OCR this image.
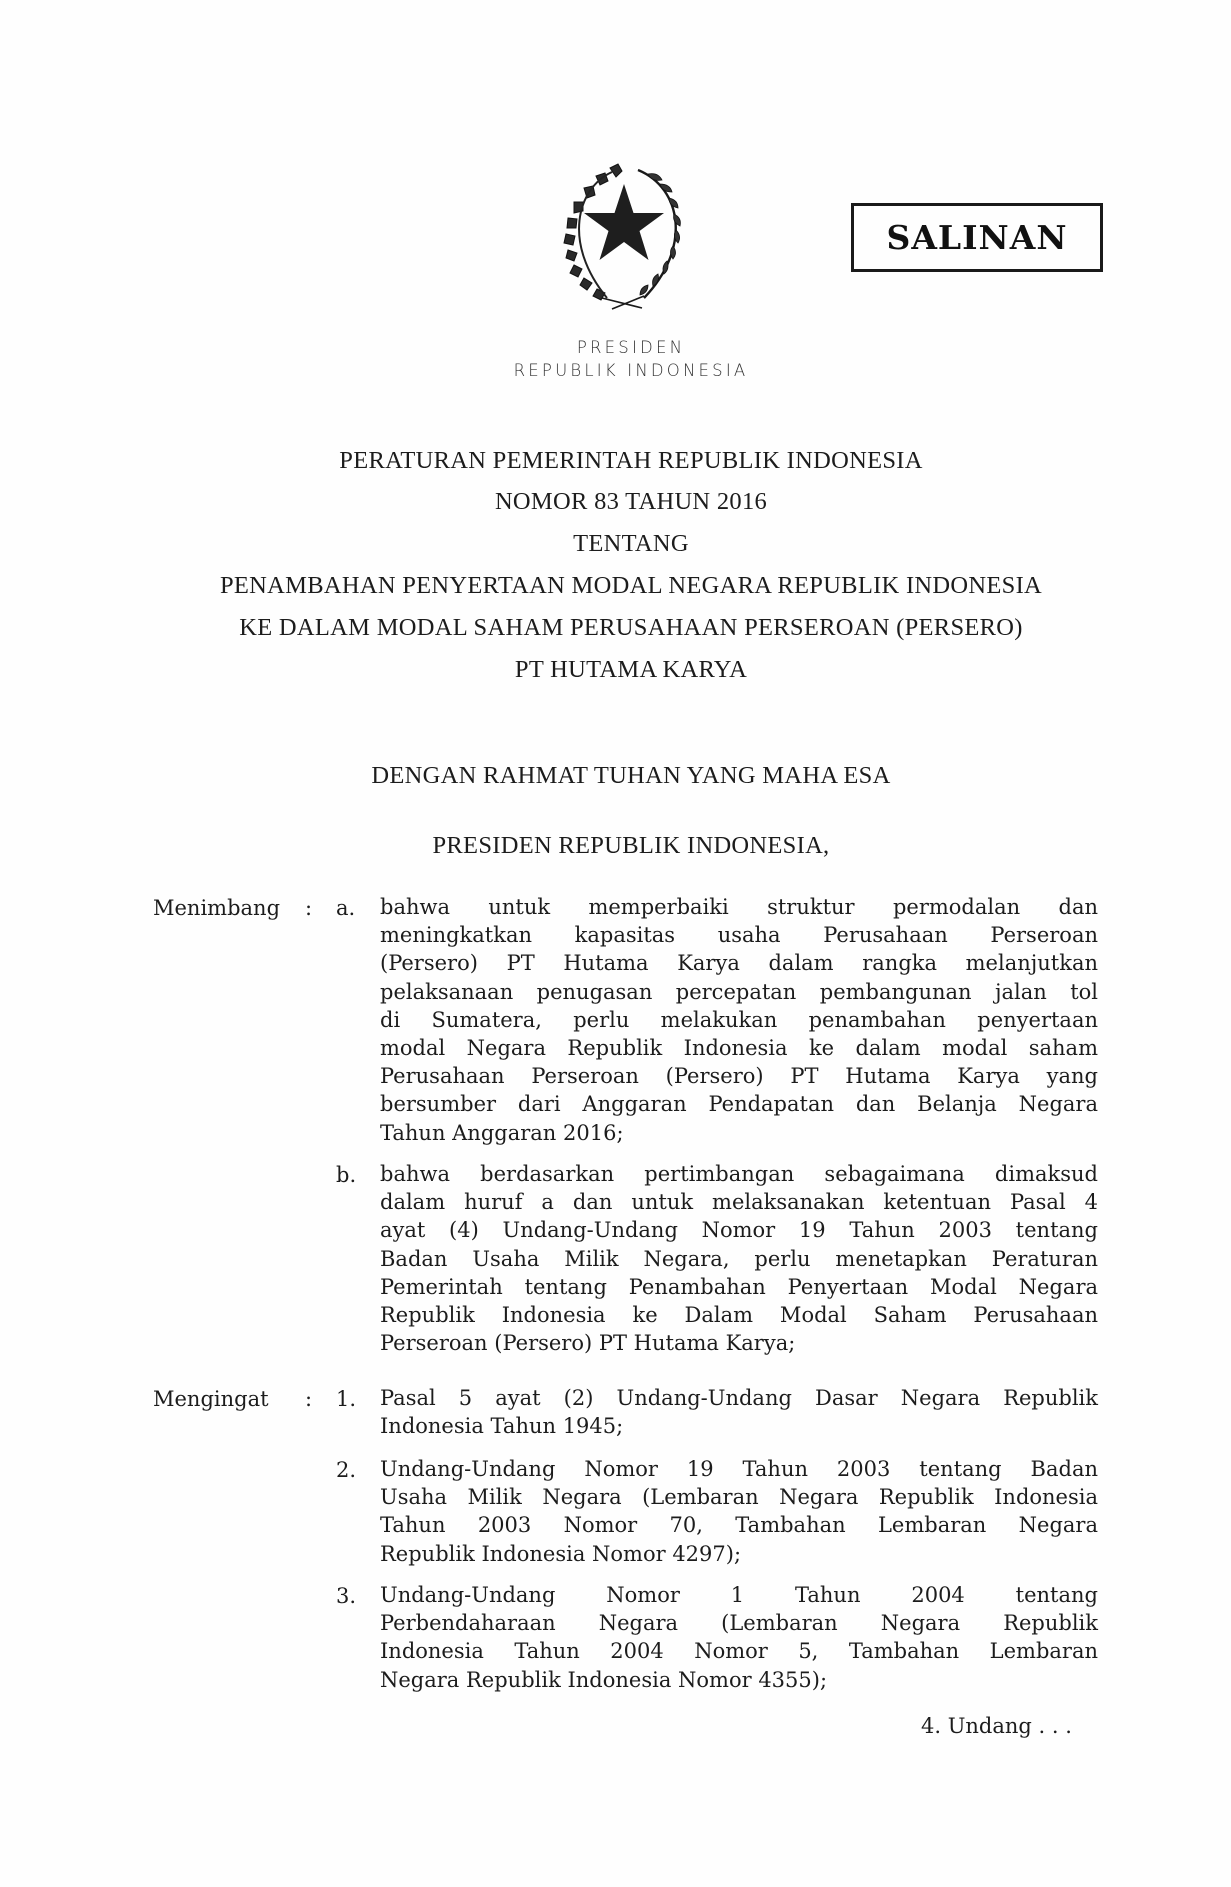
SALINAN
PRESIDEN
REPUBLIK INDONESIA
PERATURAN PEMERINTAH REPUBLIK INDONESIA
NOMOR 83 TAHUN 2016
TENTANG
PENAMBAHAN PENYERTAAN MODAL NEGARA REPUBLIK INDONESIA
KE DALAM MODAL SAHAM PERUSAHAAN PERSEROAN (PERSERO)
PT HUTAMA KARYA
DENGAN RAHMAT TUHAN YANG MAHA ESA
PRESIDEN REPUBLIK INDONESIA,
Menimbang : a. bahwa untuk memperbaiki struktur permodalan dan
meningkatkan kapasitas usaha Perusahaan Perseroan
(Persero) PT Hutama Karya dalam rangka melanjutkan
pelaksanaan penugasan percepatan pembangunan jalan tol
di Sumatera, perlu melakukan penambahan penyertaan
modal Negara Republik Indonesia ke dalam modal saham
Perusahaan Perseroan (Persero) PT Hutama Karya yang
bersumber dari Anggaran Pendapatan dan Belanja Negara
Tahun Anggaran 2016;
b. bahwa berdasarkan pertimbangan sebagaimana dimaksud
dalam huruf a dan untuk melaksanakan ketentuan Pasal 4
ayat (4) Undang-Undang Nomor 19 Tahun 2003 tentang
Badan Usaha Milik Negara, perlu menetapkan Peraturan
Pemerintah tentang Penambahan Penyertaan Modal Negara
Republik Indonesia ke Dalam Modal Saham Perusahaan
Perseroan (Persero) PT Hutama Karya;
Mengingat : 1. Pasal 5 ayat (2) Undang-Undang Dasar Negara Republik
Indonesia Tahun 1945;
2. Undang-Undang Nomor 19 Tahun 2003 tentang Badan
Usaha Milik Negara (Lembaran Negara Republik Indonesia
Tahun 2003 Nomor 70, Tambahan Lembaran Negara
Republik Indonesia Nomor 4297);
3. Undang-Undang Nomor 1 Tahun 2004 tentang
Perbendaharaan Negara (Lembaran Negara Republik
Indonesia Tahun 2004 Nomor 5, Tambahan Lembaran
Negara Republik Indonesia Nomor 4355);
4. Undang . . .
